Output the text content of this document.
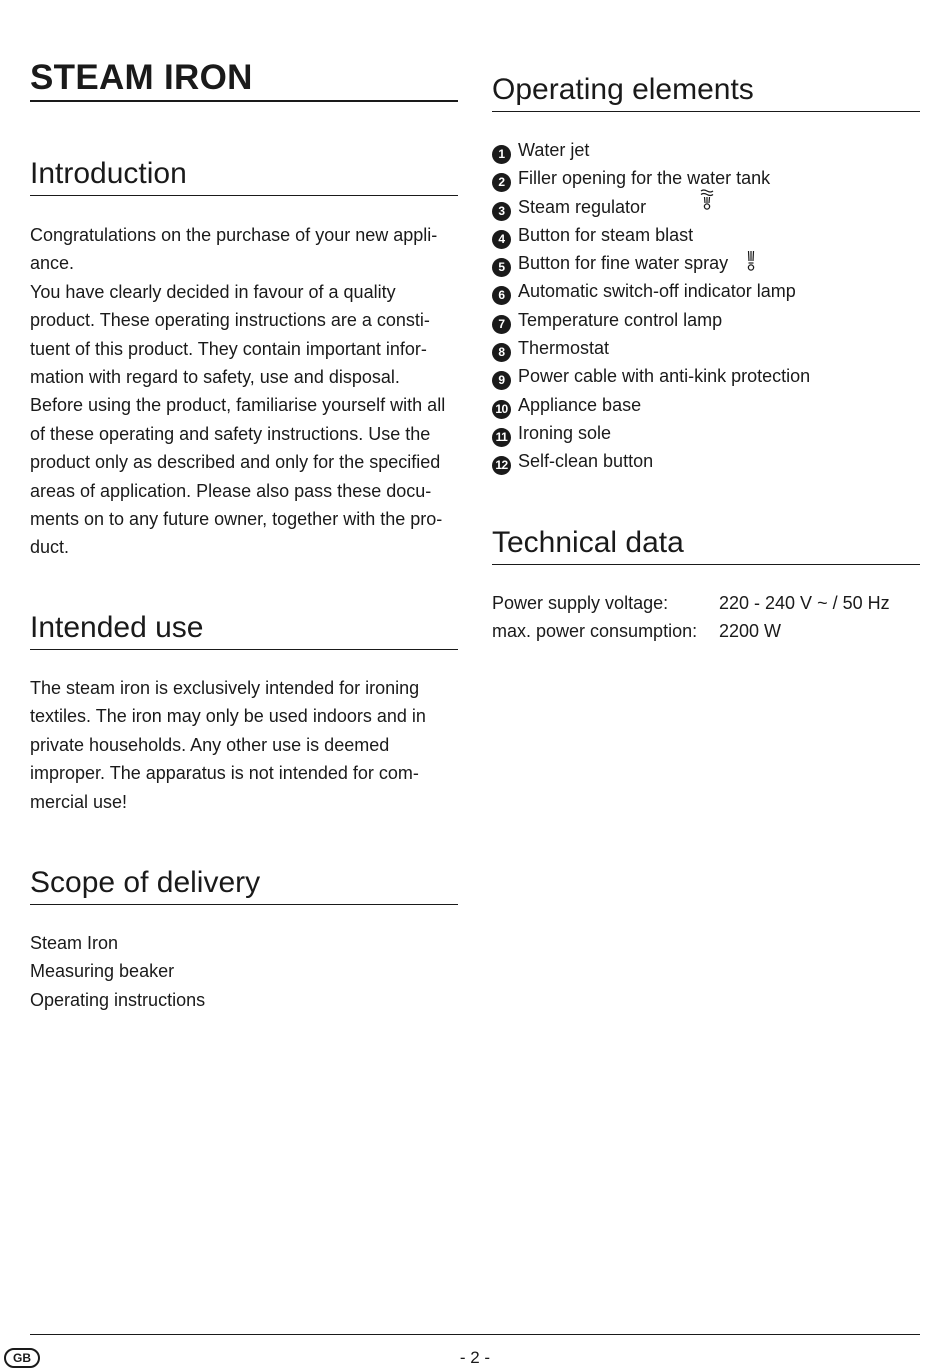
STEAM IRON
Introduction
Congratulations on the purchase of your new appli-
ance.
You have clearly decided in favour of a quality
product. These operating instructions are a consti-
tuent of this product. They contain important infor-
mation with regard to safety, use and disposal.
Before using the product, familiarise yourself with all
of these operating and safety instructions. Use the
product only as described and only for the specified
areas of application. Please also pass these docu-
ments on to any future owner, together with the pro-
duct.
Intended use
The steam iron is exclusively intended for ironing
textiles. The iron may only be used indoors and in
private households. Any other use is deemed
improper. The apparatus is not intended for com-
mercial use!
Scope of delivery
Steam Iron
Measuring beaker
Operating instructions
Operating elements
1 Water jet
2 Filler opening for the water tank
3 Steam regulator
4 Button for steam blast
5 Button for fine water spray
6 Automatic switch-off indicator lamp
7 Temperature control lamp
8 Thermostat
9 Power cable with anti-kink protection
10 Appliance base
11 Ironing sole
12 Self-clean button
Technical data
Power supply voltage:	220 - 240 V ~ / 50 Hz
max. power consumption:	2200 W
GB	- 2 -
